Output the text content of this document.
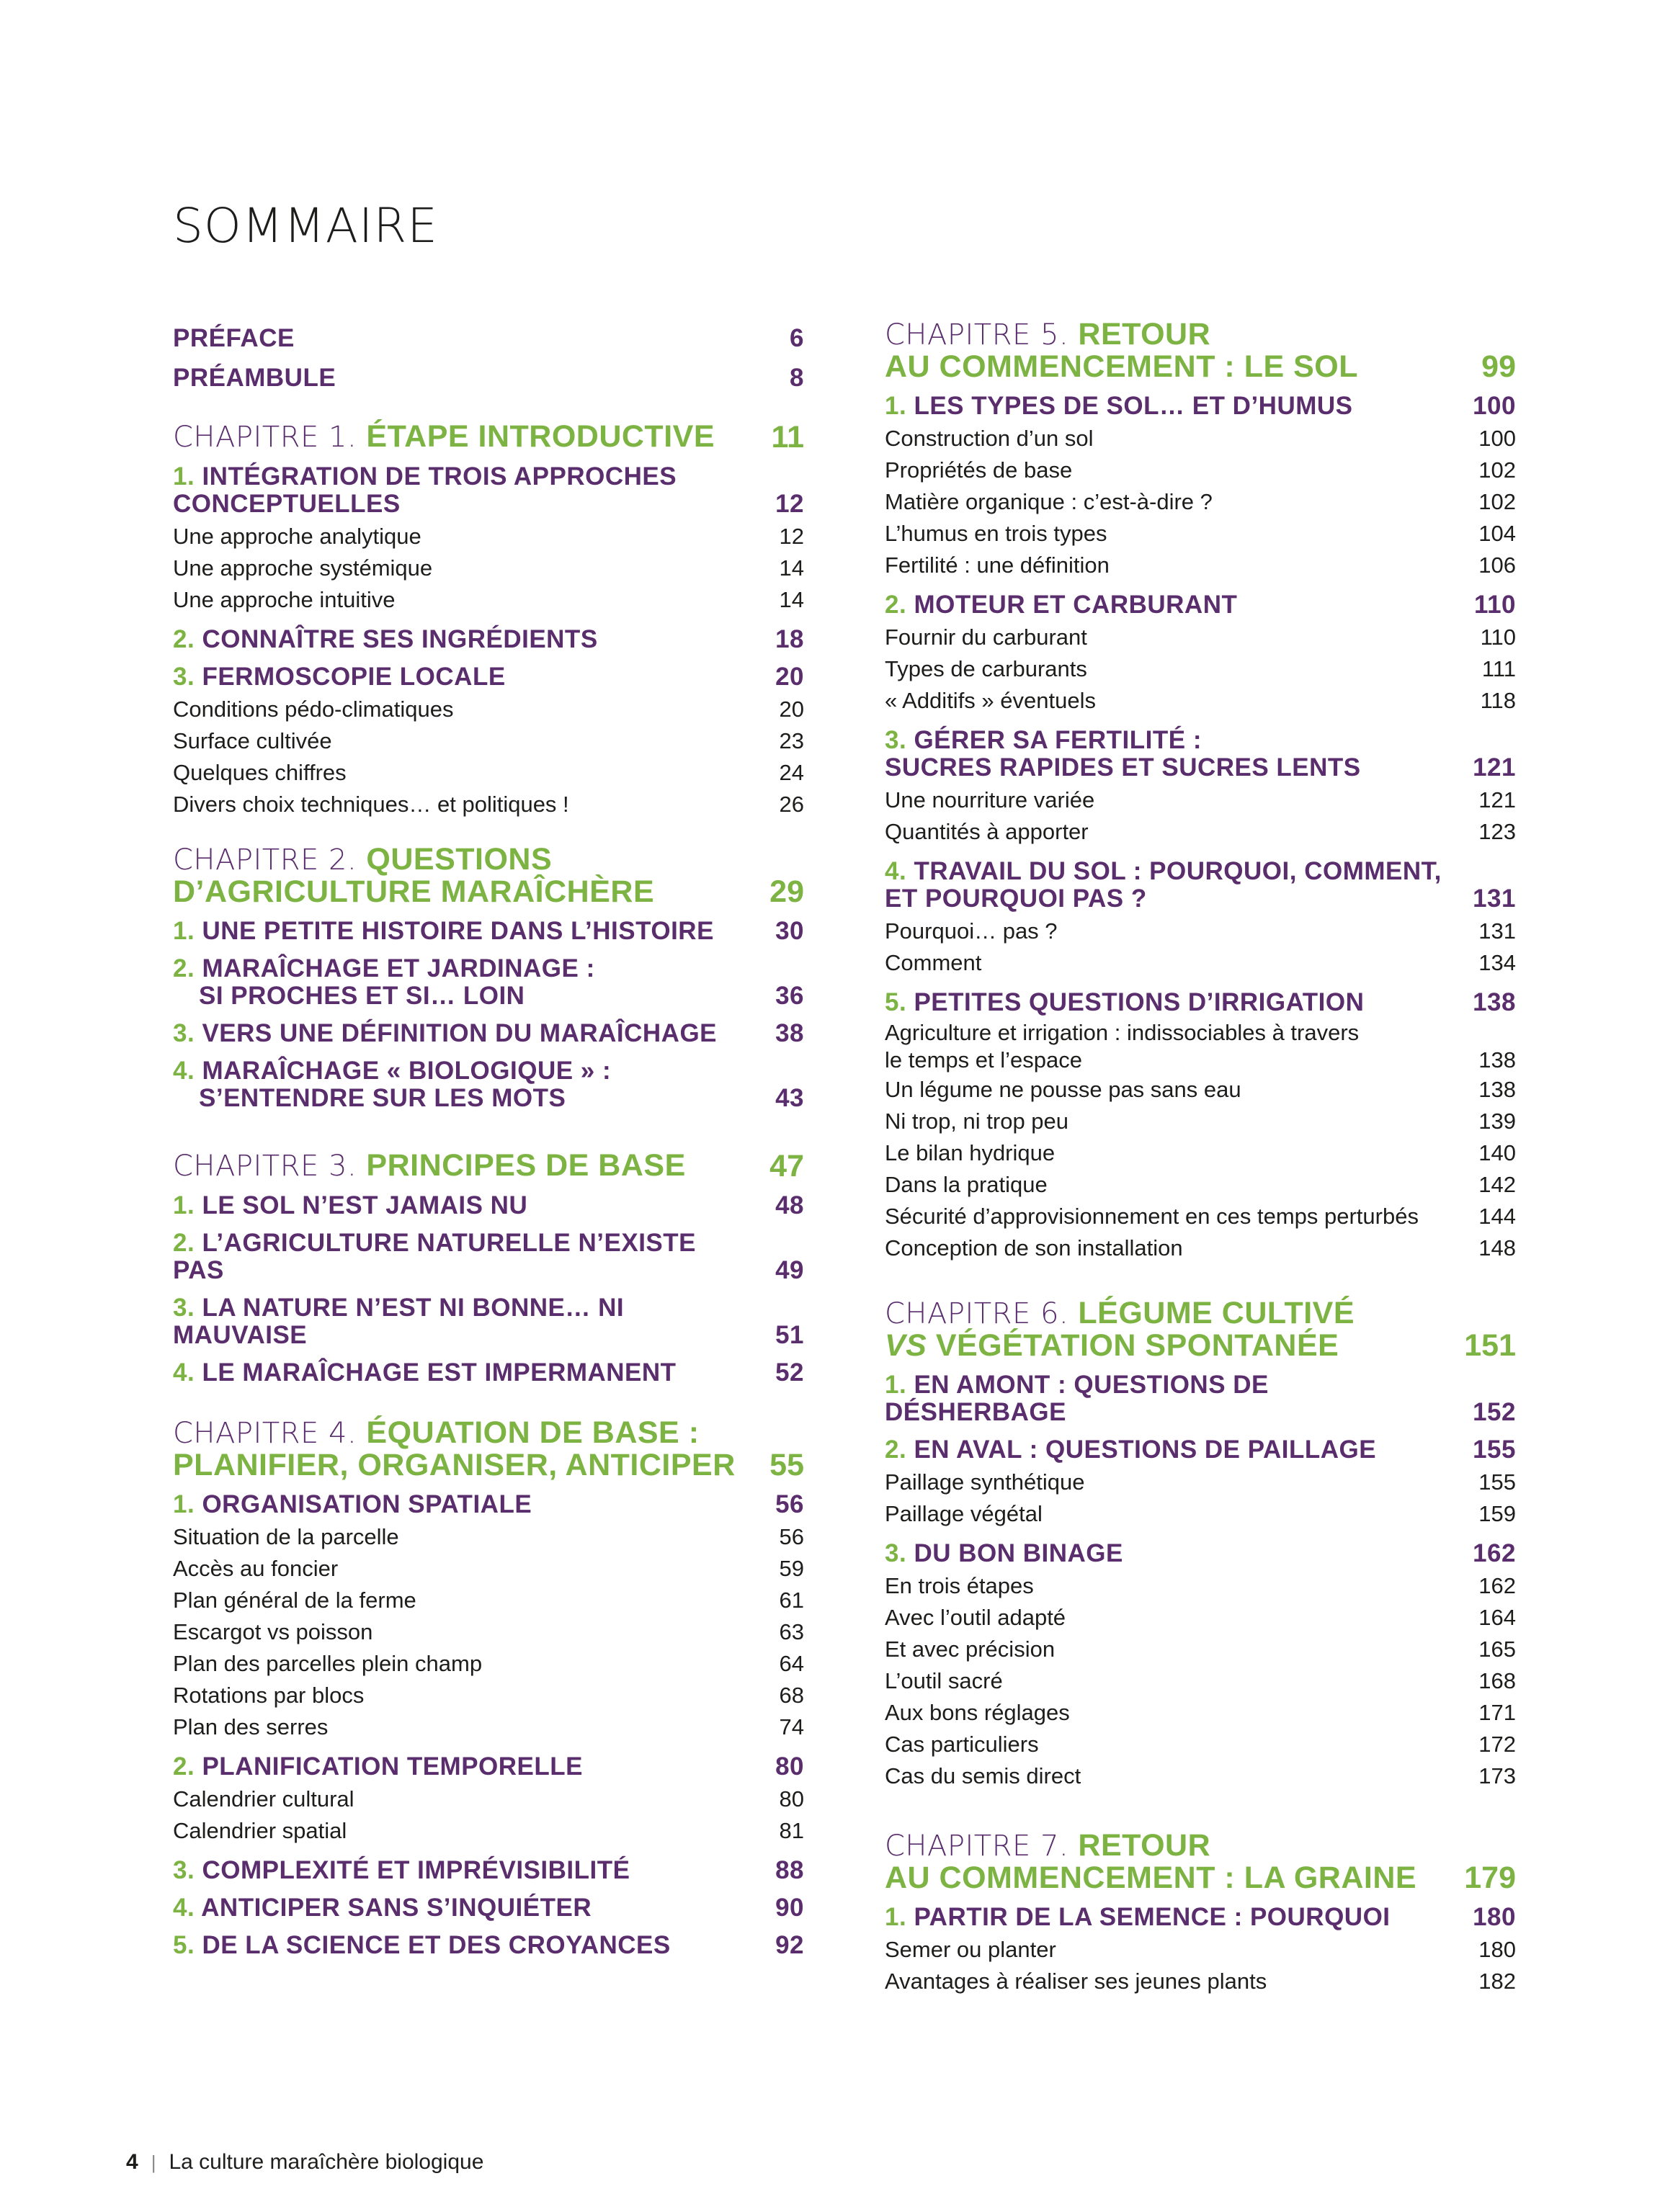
SOMMAIRE
PRÉFACE	6
PRÉAMBULE	8
CHAPITRE 1. ÉTAPE INTRODUCTIVE	11
1. INTÉGRATION DE TROIS APPROCHES
CONCEPTUELLES	12
Une approche analytique	12
Une approche systémique	14
Une approche intuitive	14
2. CONNAÎTRE SES INGRÉDIENTS	18
3. FERMOSCOPIE LOCALE	20
Conditions pédo-climatiques	20
Surface cultivée	23
Quelques chiffres	24
Divers choix techniques… et politiques !	26
CHAPITRE 2. QUESTIONS
D’AGRICULTURE MARAÎCHÈRE	29
1. UNE PETITE HISTOIRE DANS L’HISTOIRE	30
2. MARAÎCHAGE ET JARDINAGE :
SI PROCHES ET SI… LOIN	36
3. VERS UNE DÉFINITION DU MARAÎCHAGE	38
4. MARAÎCHAGE « BIOLOGIQUE » :
S’ENTENDRE SUR LES MOTS	43
CHAPITRE 3. PRINCIPES DE BASE	47
1. LE SOL N’EST JAMAIS NU	48
2. L’AGRICULTURE NATURELLE N’EXISTE PAS	49
3. LA NATURE N’EST NI BONNE… NI MAUVAISE	51
4. LE MARAÎCHAGE EST IMPERMANENT	52
CHAPITRE 4. ÉQUATION DE BASE :
PLANIFIER, ORGANISER, ANTICIPER	55
1. ORGANISATION SPATIALE	56
Situation de la parcelle	56
Accès au foncier	59
Plan général de la ferme	61
Escargot vs poisson	63
Plan des parcelles plein champ	64
Rotations par blocs	68
Plan des serres	74
2. PLANIFICATION TEMPORELLE	80
Calendrier cultural	80
Calendrier spatial	81
3. COMPLEXITÉ ET IMPRÉVISIBILITÉ	88
4. ANTICIPER SANS S’INQUIÉTER	90
5. DE LA SCIENCE ET DES CROYANCES	92
CHAPITRE 5. RETOUR
AU COMMENCEMENT : LE SOL	99
1. LES TYPES DE SOL… ET D’HUMUS	100
Construction d’un sol	100
Propriétés de base	102
Matière organique : c’est-à-dire ?	102
L’humus en trois types	104
Fertilité : une définition	106
2. MOTEUR ET CARBURANT	110
Fournir du carburant	110
Types de carburants	111
« Additifs » éventuels	118
3. GÉRER SA FERTILITÉ :
SUCRES RAPIDES ET SUCRES LENTS	121
Une nourriture variée	121
Quantités à apporter	123
4. TRAVAIL DU SOL : POURQUOI, COMMENT,
ET POURQUOI PAS ?	131
Pourquoi… pas ?	131
Comment	134
5. PETITES QUESTIONS D’IRRIGATION	138
Agriculture et irrigation : indissociables à travers
le temps et l’espace	138
Un légume ne pousse pas sans eau	138
Ni trop, ni trop peu	139
Le bilan hydrique	140
Dans la pratique	142
Sécurité d’approvisionnement en ces temps perturbés	144
Conception de son installation	148
CHAPITRE 6. LÉGUME CULTIVÉ
VS VÉGÉTATION SPONTANÉE	151
1. EN AMONT : QUESTIONS DE DÉSHERBAGE	152
2. EN AVAL : QUESTIONS DE PAILLAGE	155
Paillage synthétique	155
Paillage végétal	159
3. DU BON BINAGE	162
En trois étapes	162
Avec l’outil adapté	164
Et avec précision	165
L’outil sacré	168
Aux bons réglages	171
Cas particuliers	172
Cas du semis direct	173
CHAPITRE 7. RETOUR
AU COMMENCEMENT : LA GRAINE	179
1. PARTIR DE LA SEMENCE : POURQUOI	180
Semer ou planter	180
Avantages à réaliser ses jeunes plants	182
4 | La culture maraîchère biologique
